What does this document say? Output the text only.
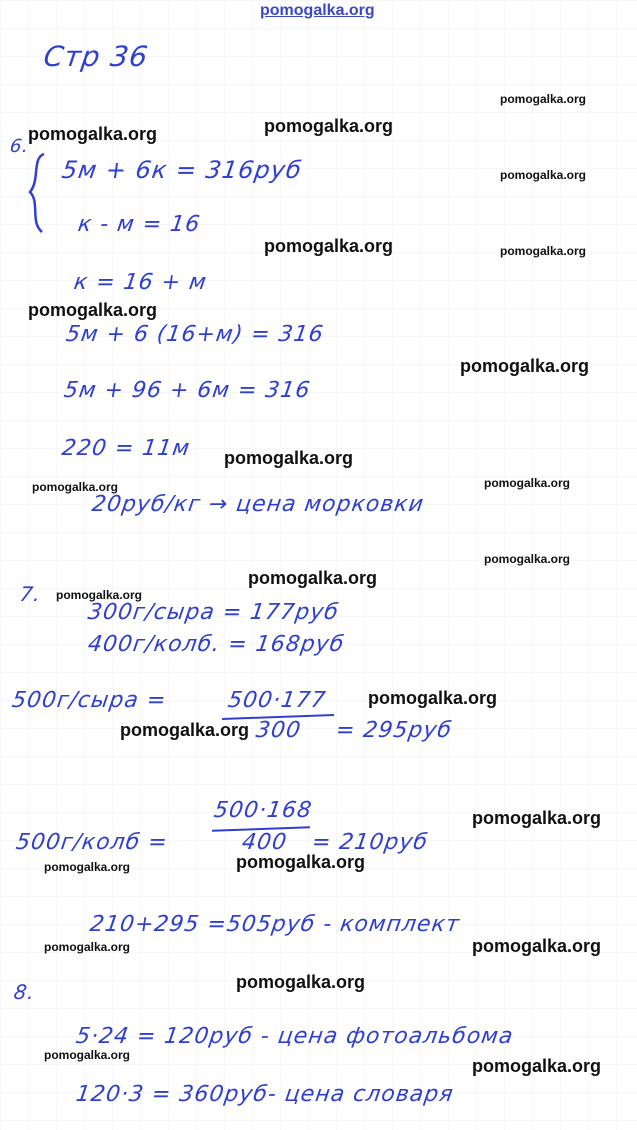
pomogalka.org
Стр 36
6.
5м + 6к = 316руб
к - м = 16
к = 16 + м
5м + 6 (16+м) = 316
5м + 96 + 6м = 316
220 = 11м
20руб/кг → цена морковки
7.
300г/сыра = 177руб
400г/колб. = 168руб
500г/сыра =	500·177
300 = 295руб
500·168
500г/колб =	400 = 210руб
210+295 =505руб - комплект
8.
5·24 = 120руб - цена фотоальбома
120·3 = 360руб- цена словаря
pomogalka.org
pomogalka.org	pomogalka.org
pomogalka.org
pomogalka.org	pomogalka.org
pomogalka.org
pomogalka.org
pomogalka.org
pomogalka.org
pomogalka.org
pomogalka.org
pomogalka.org
pomogalka.org
pomogalka.org
pomogalka.org
pomogalka.org
pomogalka.org
pomogalka.org
pomogalka.org	pomogalka.org
pomogalka.org
pomogalka.org
pomogalka.org
